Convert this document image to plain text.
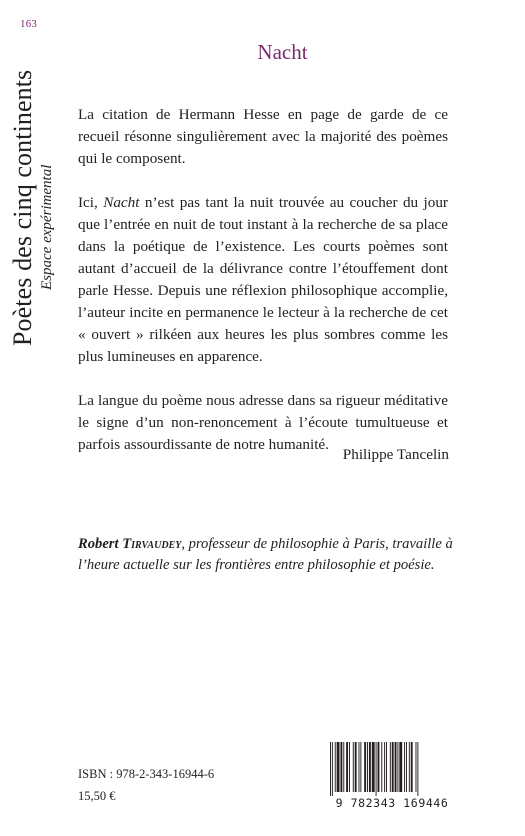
163
Poètes des cinq continents Espace expérimental
Nacht

La citation de Hermann Hesse en page de garde de ce recueil résonne singulièrement avec la majorité des poèmes qui le composent.

Ici, Nacht n’est pas tant la nuit trouvée au coucher du jour que l’entrée en nuit de tout instant à la recherche de sa place dans la poétique de l’existence. Les courts poèmes sont autant d’accueil de la délivrance contre l’étouffement dont parle Hesse. Depuis une réflexion philosophique accomplie, l’auteur incite en permanence le lecteur à la recherche de cet « ouvert » rilkéen aux heures les plus sombres comme les plus lumineuses en apparence.

La langue du poème nous adresse dans sa rigueur méditative le signe d’un non-renoncement à l’écoute tumultueuse et parfois assourdissante de notre humanité.

Philippe Tancelin
Robert Tirvaudey, professeur de philosophie à Paris, travaille à l’heure actuelle sur les frontières entre philosophie et poésie.
ISBN : 978-2-343-16944-6
15,50 €	9 782343 169446
